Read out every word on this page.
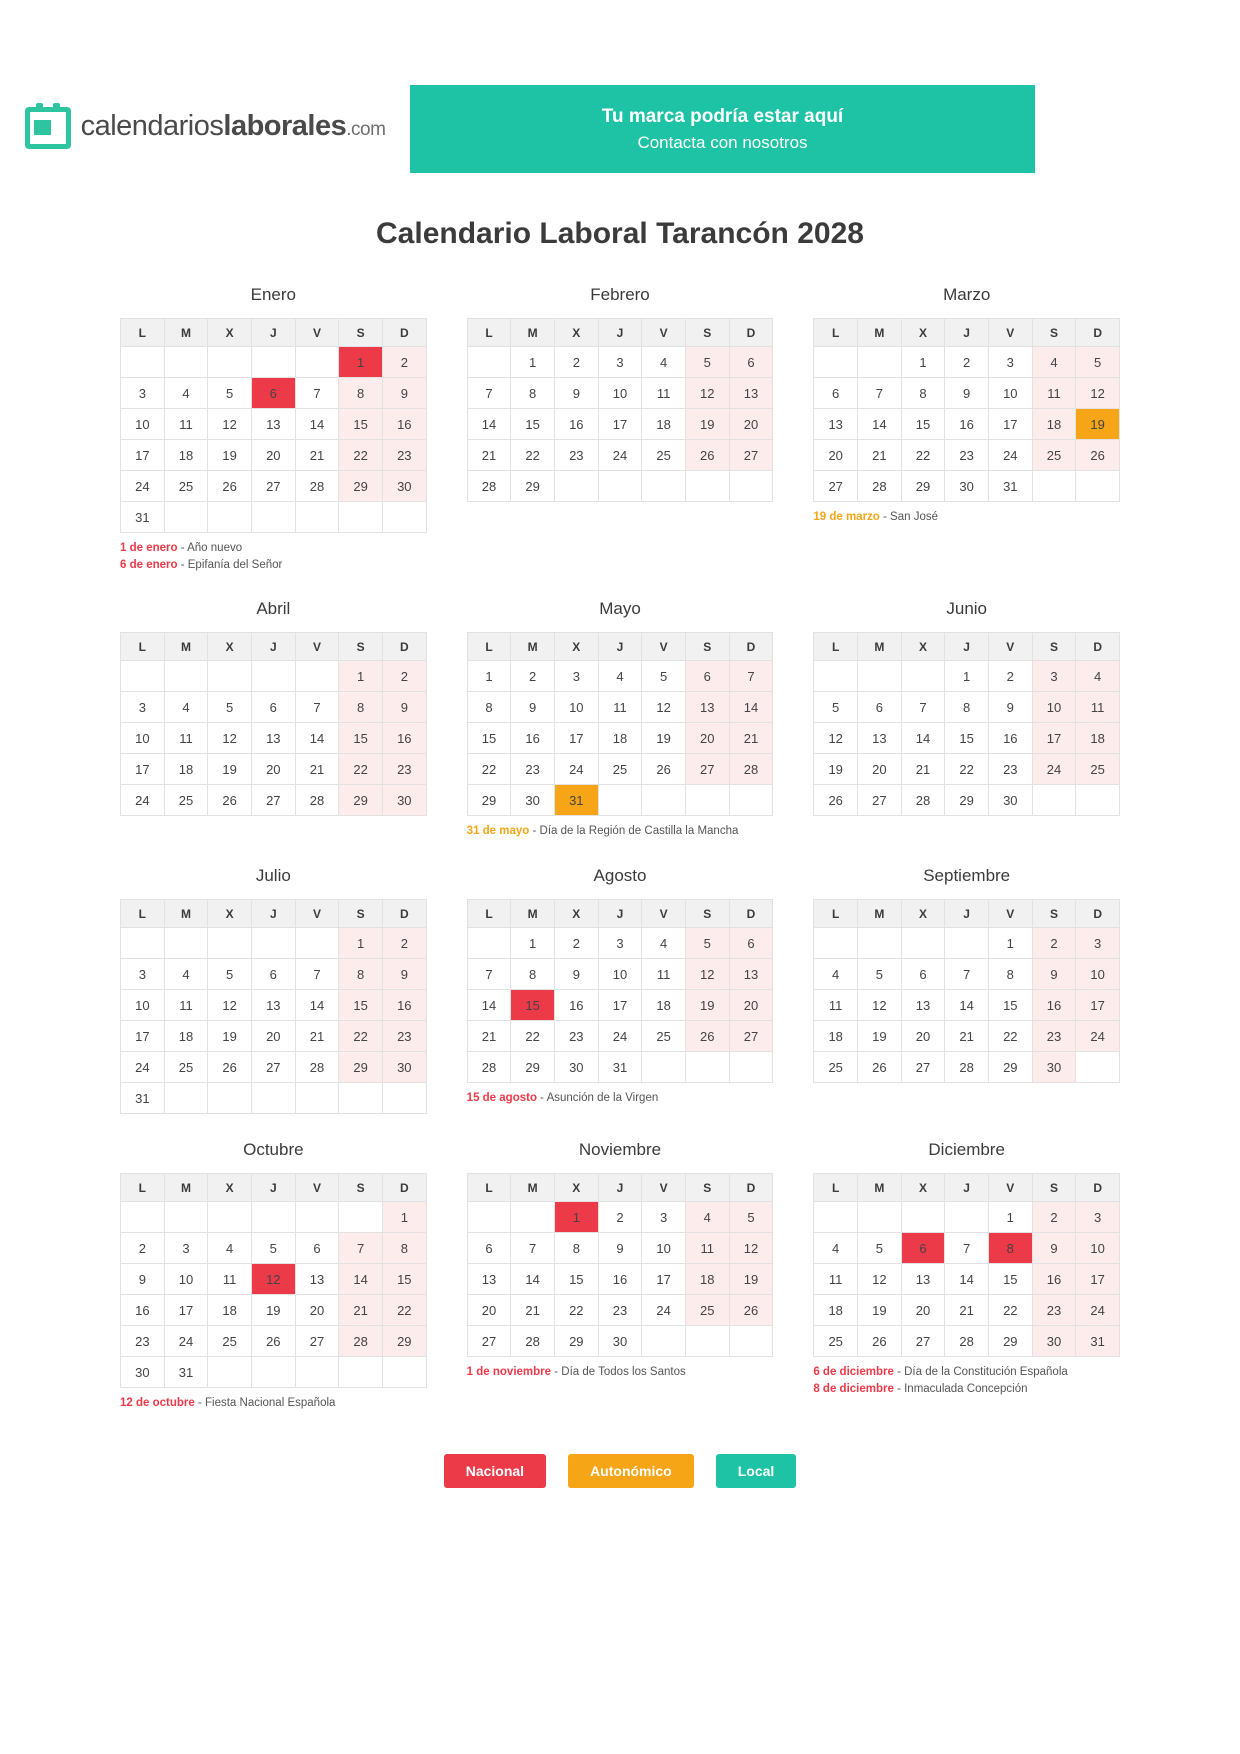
calendarioslaborales.com
Tu marca podría estar aquí
Contacta con nosotros
Calendario Laboral Tarancón 2028
Enero
L	M	X	J	V	S	D
					1	2
3	4	5	6	7	8	9
10	11	12	13	14	15	16
17	18	19	20	21	22	23
24	25	26	27	28	29	30
31						
1 de enero - Año nuevo
6 de enero - Epifanía del Señor
Febrero
L	M	X	J	V	S	D
	1	2	3	4	5	6
7	8	9	10	11	12	13
14	15	16	17	18	19	20
21	22	23	24	25	26	27
28	29					
Marzo
L	M	X	J	V	S	D
		1	2	3	4	5
6	7	8	9	10	11	12
13	14	15	16	17	18	19
20	21	22	23	24	25	26
27	28	29	30	31		
19 de marzo - San José
Abril
L	M	X	J	V	S	D
					1	2
3	4	5	6	7	8	9
10	11	12	13	14	15	16
17	18	19	20	21	22	23
24	25	26	27	28	29	30
Mayo
L	M	X	J	V	S	D
1	2	3	4	5	6	7
8	9	10	11	12	13	14
15	16	17	18	19	20	21
22	23	24	25	26	27	28
29	30	31				
31 de mayo - Día de la Región de Castilla la Mancha
Junio
L	M	X	J	V	S	D
			1	2	3	4
5	6	7	8	9	10	11
12	13	14	15	16	17	18
19	20	21	22	23	24	25
26	27	28	29	30		
Julio
L	M	X	J	V	S	D
					1	2
3	4	5	6	7	8	9
10	11	12	13	14	15	16
17	18	19	20	21	22	23
24	25	26	27	28	29	30
31						
Agosto
L	M	X	J	V	S	D
	1	2	3	4	5	6
7	8	9	10	11	12	13
14	15	16	17	18	19	20
21	22	23	24	25	26	27
28	29	30	31			
15 de agosto - Asunción de la Virgen
Septiembre
L	M	X	J	V	S	D
				1	2	3
4	5	6	7	8	9	10
11	12	13	14	15	16	17
18	19	20	21	22	23	24
25	26	27	28	29	30	
Octubre
L	M	X	J	V	S	D
						1
2	3	4	5	6	7	8
9	10	11	12	13	14	15
16	17	18	19	20	21	22
23	24	25	26	27	28	29
30	31					
12 de octubre - Fiesta Nacional Española
Noviembre
L	M	X	J	V	S	D
		1	2	3	4	5
6	7	8	9	10	11	12
13	14	15	16	17	18	19
20	21	22	23	24	25	26
27	28	29	30			
1 de noviembre - Día de Todos los Santos
Diciembre
L	M	X	J	V	S	D
				1	2	3
4	5	6	7	8	9	10
11	12	13	14	15	16	17
18	19	20	21	22	23	24
25	26	27	28	29	30	31
6 de diciembre - Día de la Constitución Española
8 de diciembre - Inmaculada Concepción
Nacional	Autonómico	Local
